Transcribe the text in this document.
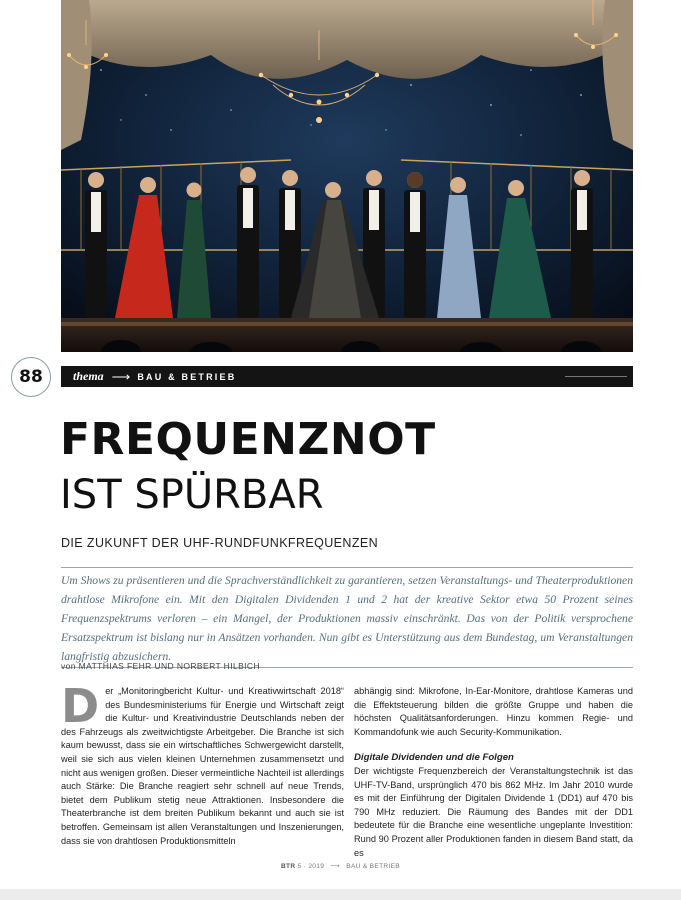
88	thema ⟶ BAU & BETRIEB
FREQUENZNOT
IST SPÜRBAR
DIE ZUKUNFT DER UHF-RUNDFUNKFREQUENZEN

Um Shows zu präsentieren und die Sprachverständlichkeit zu garantieren, setzen Veranstaltungs- und Theaterproduktionen drahtlose Mikrofone ein. Mit den Digitalen Dividenden 1 und 2 hat der kreative Sektor etwa 50 Prozent seines Frequenzspektrums verloren – ein Mangel, der Produktionen massiv einschränkt. Das von der Politik versprochene Ersatzspektrum ist bislang nur in Ansätzen vorhanden. Nun gibt es Unterstützung aus dem Bundestag, um Veranstaltungen langfristig abzusichern.

von MATTHIAS FEHR UND NORBERT HILBICH
D er „Monitoringbericht Kultur- und Kreativwirtschaft 2018“ des Bundesministeriums für Energie und Wirtschaft zeigt die Kultur- und Kreativindustrie Deutschlands neben der des Fahrzeugs als zweitwichtigste Arbeitgeber. Die Branche ist sich kaum bewusst, dass sie ein wirtschaftliches Schwergewicht darstellt, weil sie sich aus vielen kleinen Unternehmen zusammensetzt und nicht aus wenigen großen. Dieser vermeintliche Nachteil ist allerdings auch Stärke: Die Branche reagiert sehr schnell auf neue Trends, bietet dem Publikum stetig neue Attraktionen. Insbesondere die Theaterbranche ist dem breiten Publikum bekannt und auch sie ist betroffen. Gemeinsam ist allen Veranstaltungen und Inszenierungen, dass sie von drahtlosen Produktionsmitteln
abhängig sind: Mikrofone, In-Ear-Monitore, drahtlose Kameras und die Effektsteuerung bilden die größte Gruppe und haben die höchsten Qualitätsanforderungen. Hinzu kommen Regie- und Kommandofunk wie auch Security-Kommunikation.
Digitale Dividenden und die Folgen
Der wichtigste Frequenzbereich der Veranstaltungstechnik ist das UHF-TV-Band, ursprünglich 470 bis 862 MHz. Im Jahr 2010 wurde es mit der Einführung der Digitalen Dividende 1 (DD1) auf 470 bis 790 MHz reduziert. Die Räumung des Bandes mit der DD1 bedeutete für die Branche eine wesentliche ungeplante Investition: Rund 90 Prozent aller Produktionen fanden in diesem Band statt, da es
BTR 5 · 2019 ⟶ BAU & BETRIEB
